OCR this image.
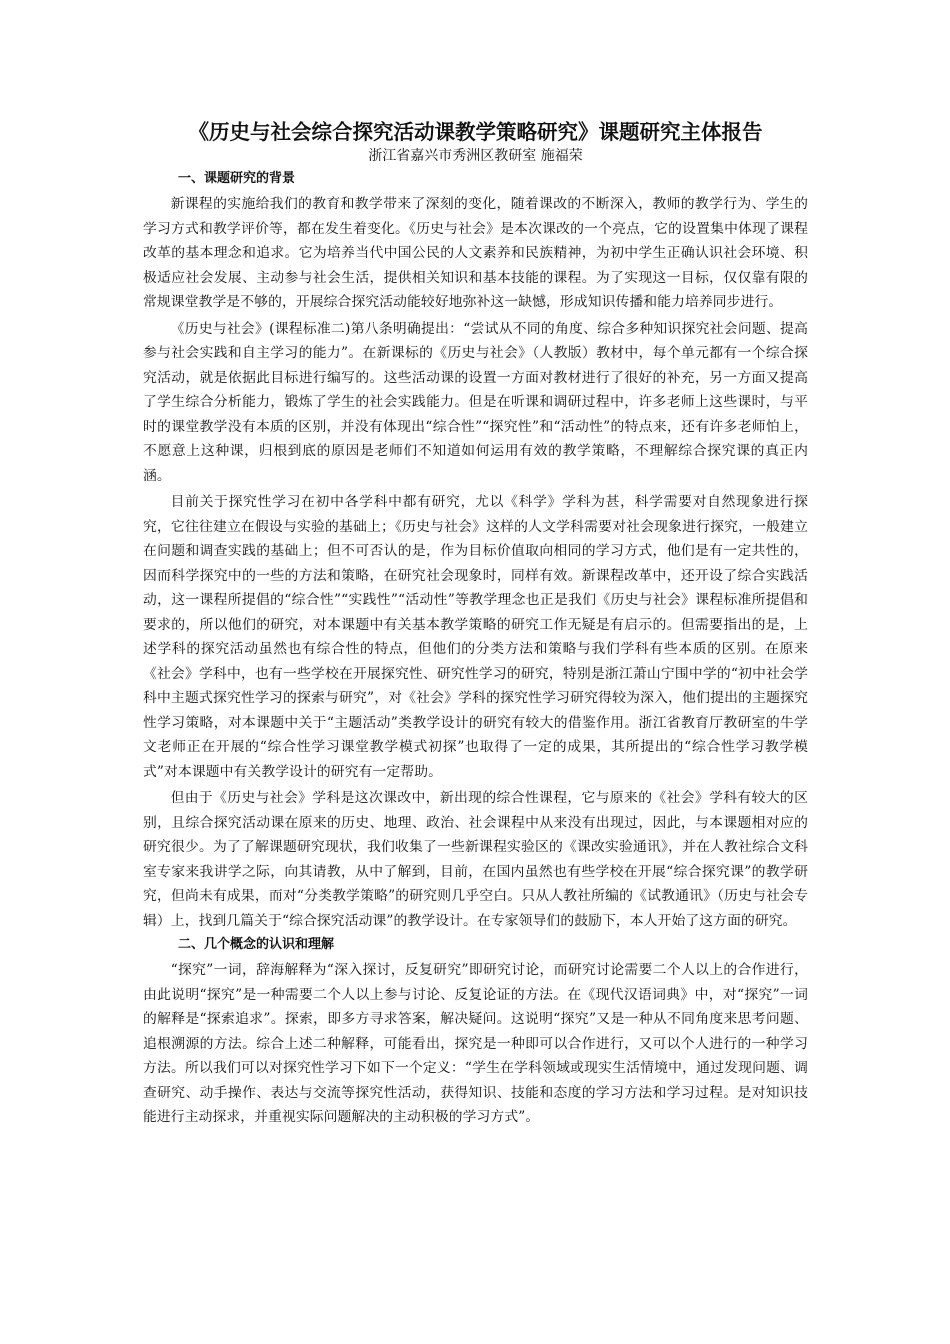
《历史与社会综合探究活动课教学策略研究》课题研究主体报告

浙江省嘉兴市秀洲区教研室 施福荣

一、课题研究的背景

新课程的实施给我们的教育和教学带来了深刻的变化，随着课改的不断深入，教师的教学行为、学生的学习方式和教学评价等，都在发生着变化。《历史与社会》是本次课改的一个亮点，它的设置集中体现了课程改革的基本理念和追求。它为培养当代中国公民的人文素养和民族精神，为初中学生正确认识社会环境、积极适应社会发展、主动参与社会生活，提供相关知识和基本技能的课程。为了实现这一目标，仅仅靠有限的常规课堂教学是不够的，开展综合探究活动能较好地弥补这一缺憾，形成知识传播和能力培养同步进行。

《历史与社会》(课程标准二)第八条明确提出：“尝试从不同的角度、综合多种知识探究社会问题、提高参与社会实践和自主学习的能力”。在新课标的《历史与社会》（人教版）教材中，每个单元都有一个综合探究活动，就是依据此目标进行编写的。这些活动课的设置一方面对教材进行了很好的补充，另一方面又提高了学生综合分析能力，锻炼了学生的社会实践能力。但是在听课和调研过程中，许多老师上这些课时，与平时的课堂教学没有本质的区别，并没有体现出“综合性”“探究性”和“活动性”的特点来，还有许多老师怕上，不愿意上这种课，归根到底的原因是老师们不知道如何运用有效的教学策略，不理解综合探究课的真正内涵。

目前关于探究性学习在初中各学科中都有研究，尤以《科学》学科为甚，科学需要对自然现象进行探究，它往往建立在假设与实验的基础上；《历史与社会》这样的人文学科需要对社会现象进行探究，一般建立在问题和调查实践的基础上；但不可否认的是，作为目标价值取向相同的学习方式，他们是有一定共性的，因而科学探究中的一些的方法和策略，在研究社会现象时，同样有效。新课程改革中，还开设了综合实践活动，这一课程所提倡的“综合性”“实践性”“活动性”等教学理念也正是我们《历史与社会》课程标准所提倡和要求的，所以他们的研究，对本课题中有关基本教学策略的研究工作无疑是有启示的。但需要指出的是，上述学科的探究活动虽然也有综合性的特点，但他们的分类方法和策略与我们学科有些本质的区别。在原来《社会》学科中，也有一些学校在开展探究性、研究性学习的研究，特别是浙江萧山宁围中学的“初中社会学科中主题式探究性学习的探索与研究”，对《社会》学科的探究性学习研究得较为深入，他们提出的主题探究性学习策略，对本课题中关于“主题活动”类教学设计的研究有较大的借鉴作用。浙江省教育厅教研室的牛学文老师正在开展的“综合性学习课堂教学模式初探”也取得了一定的成果，其所提出的“综合性学习教学模式”对本课题中有关教学设计的研究有一定帮助。

但由于《历史与社会》学科是这次课改中，新出现的综合性课程，它与原来的《社会》学科有较大的区别，且综合探究活动课在原来的历史、地理、政治、社会课程中从来没有出现过，因此，与本课题相对应的研究很少。为了了解课题研究现状，我们收集了一些新课程实验区的《课改实验通讯》，并在人教社综合文科室专家来我讲学之际，向其请教，从中了解到，目前，在国内虽然也有些学校在开展“综合探究课”的教学研究，但尚未有成果，而对“分类教学策略”的研究则几乎空白。只从人教社所编的《试教通讯》（历史与社会专辑）上，找到几篇关于“综合探究活动课”的教学设计。在专家领导们的鼓励下，本人开始了这方面的研究。

二、几个概念的认识和理解

“探究”一词，辞海解释为“深入探讨，反复研究”即研究讨论，而研究讨论需要二个人以上的合作进行，由此说明“探究”是一种需要二个人以上参与讨论、反复论证的方法。在《现代汉语词典》中，对“探究”一词的解释是“探索追求”。探索，即多方寻求答案，解决疑问。这说明“探究”又是一种从不同角度来思考问题、追根溯源的方法。综合上述二种解释，可能看出，探究是一种即可以合作进行，又可以个人进行的一种学习方法。所以我们可以对探究性学习下如下一个定义：“学生在学科领域或现实生活情境中，通过发现问题、调查研究、动手操作、表达与交流等探究性活动，获得知识、技能和态度的学习方法和学习过程。是对知识技能进行主动探求，并重视实际问题解决的主动积极的学习方式”。
